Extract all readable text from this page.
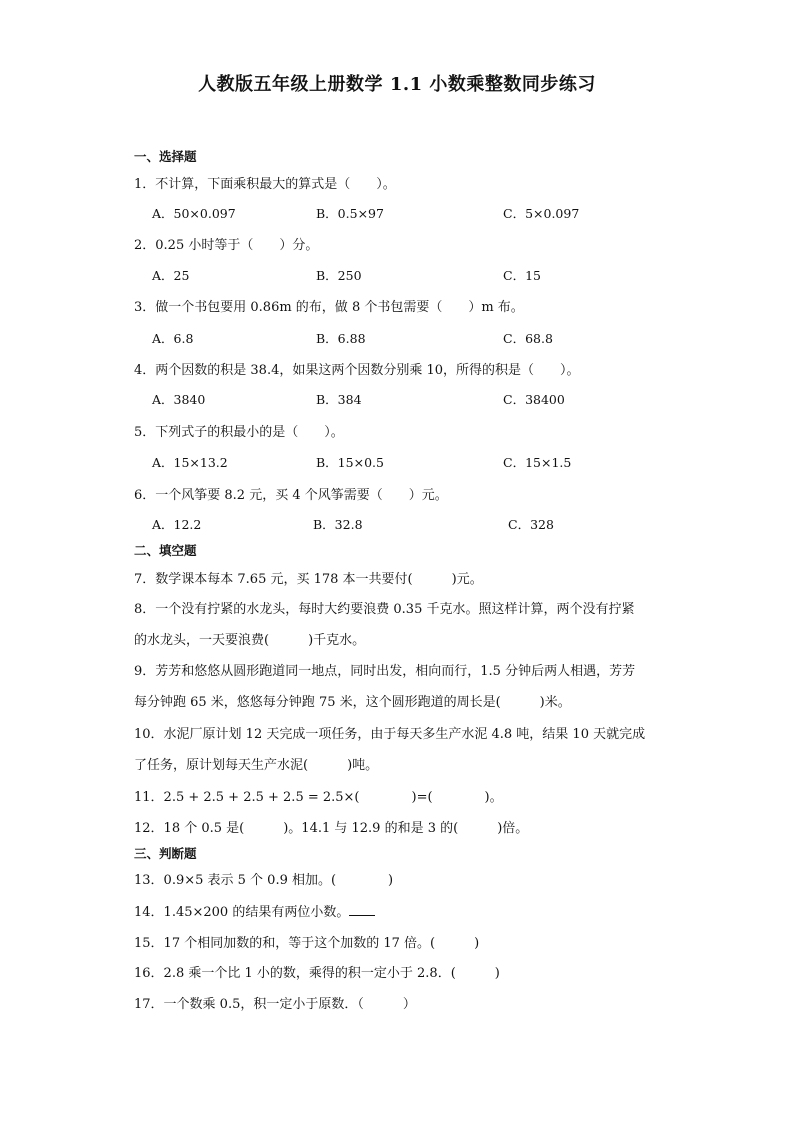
人教版五年级上册数学 1.1 小数乘整数同步练习
一、选择题
1．不计算，下面乘积最大的算式是（　　）。
A．50×0.097	B．0.5×97	C．5×0.097
2．0.25 小时等于（　　）分。
A．25	B．250	C．15
3．做一个书包要用 0.86m 的布，做 8 个书包需要（　　）m 布。
A．6.8	B．6.88	C．68.8
4．两个因数的积是 38.4，如果这两个因数分别乘 10，所得的积是（　　）。
A．3840	B．384	C．38400
5．下列式子的积最小的是（　　）。
A．15×13.2	B．15×0.5	C．15×1.5
6．一个风筝要 8.2 元，买 4 个风筝需要（　　）元。
A．12.2	B．32.8	C．328
二、填空题
7．数学课本每本 7.65 元，买 178 本一共要付(　　　)元。
8．一个没有拧紧的水龙头，每时大约要浪费 0.35 千克水。照这样计算，两个没有拧紧
的水龙头，一天要浪费(　　　)千克水。
9．芳芳和悠悠从圆形跑道同一地点，同时出发，相向而行，1.5 分钟后两人相遇，芳芳
每分钟跑 65 米，悠悠每分钟跑 75 米，这个圆形跑道的周长是(　　　)米。
10．水泥厂原计划 12 天完成一项任务，由于每天多生产水泥 4.8 吨，结果 10 天就完成
了任务，原计划每天生产水泥(　　　)吨。
11．2.5 + 2.5 + 2.5 + 2.5 = 2.5×(　　　　)=(　　　　)。
12．18 个 0.5 是(　　　)。14.1 与 12.9 的和是 3 的(　　　)倍。
三、判断题
13．0.9×5 表示 5 个 0.9 相加。(　　　　)
14．1.45×200 的结果有两位小数。
15．17 个相同加数的和，等于这个加数的 17 倍。(　　　)
16．2.8 乘一个比 1 小的数，乘得的积一定小于 2.8．(　　　)
17．一个数乘 0.5，积一定小于原数．（　　　）
